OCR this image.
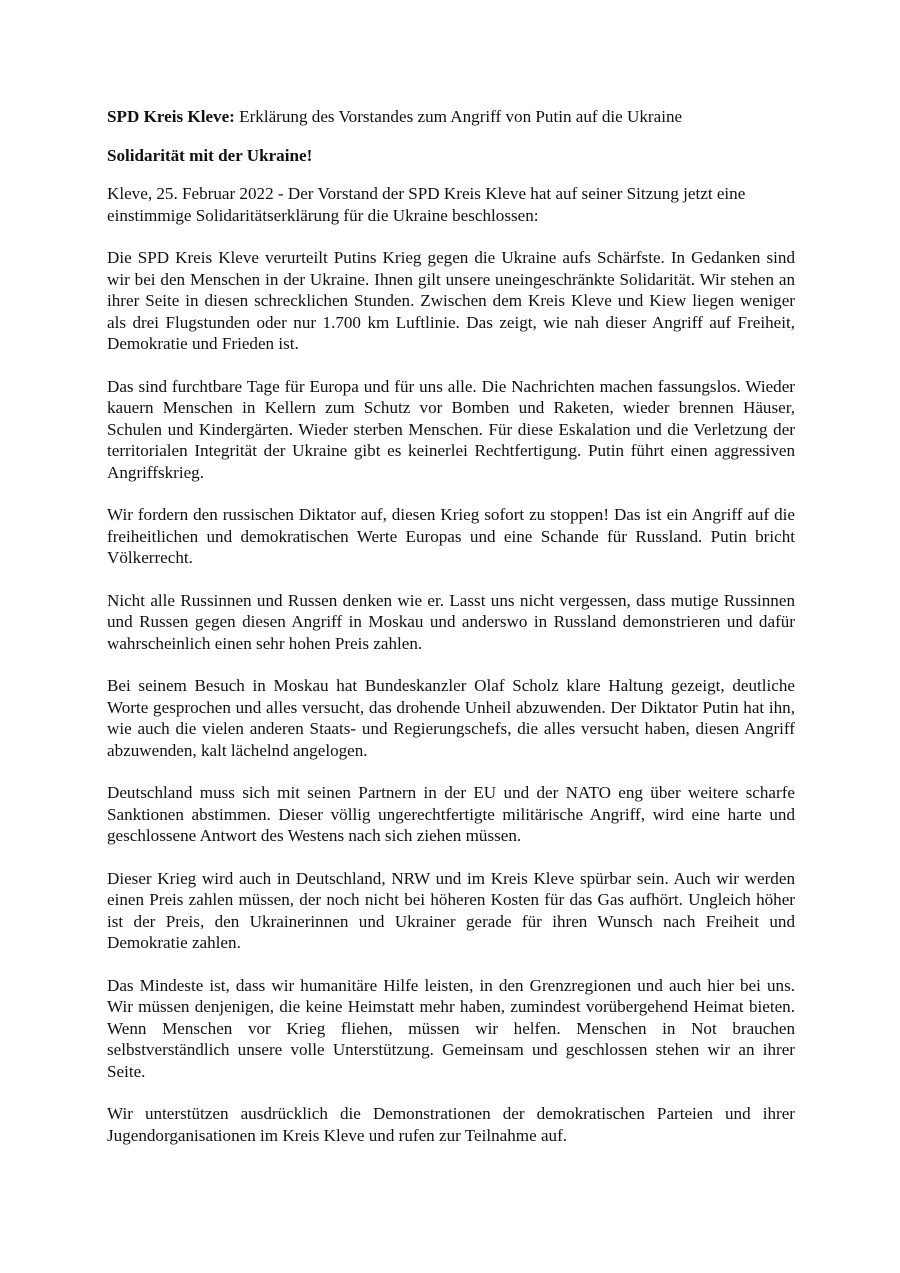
SPD Kreis Kleve: Erklärung des Vorstandes zum Angriff von Putin auf die Ukraine

Solidarität mit der Ukraine!

Kleve, 25. Februar 2022 - Der Vorstand der SPD Kreis Kleve hat auf seiner Sitzung jetzt eine einstimmige Solidaritätserklärung für die Ukraine beschlossen:

Die SPD Kreis Kleve verurteilt Putins Krieg gegen die Ukraine aufs Schärfste. In Gedanken sind wir bei den Menschen in der Ukraine. Ihnen gilt unsere uneingeschränkte Solidarität. Wir stehen an ihrer Seite in diesen schrecklichen Stunden. Zwischen dem Kreis Kleve und Kiew liegen weniger als drei Flugstunden oder nur 1.700 km Luftlinie. Das zeigt, wie nah dieser Angriff auf Freiheit, Demokratie und Frieden ist.

Das sind furchtbare Tage für Europa und für uns alle. Die Nachrichten machen fassungslos. Wieder kauern Menschen in Kellern zum Schutz vor Bomben und Raketen, wieder brennen Häuser, Schulen und Kindergärten. Wieder sterben Menschen. Für diese Eskalation und die Verletzung der territorialen Integrität der Ukraine gibt es keinerlei Rechtfertigung. Putin führt einen aggressiven Angriffskrieg.

Wir fordern den russischen Diktator auf, diesen Krieg sofort zu stoppen! Das ist ein Angriff auf die freiheitlichen und demokratischen Werte Europas und eine Schande für Russland. Putin bricht Völkerrecht.

Nicht alle Russinnen und Russen denken wie er. Lasst uns nicht vergessen, dass mutige Russinnen und Russen gegen diesen Angriff in Moskau und anderswo in Russland demonstrieren und dafür wahrscheinlich einen sehr hohen Preis zahlen.

Bei seinem Besuch in Moskau hat Bundeskanzler Olaf Scholz klare Haltung gezeigt, deutliche Worte gesprochen und alles versucht, das drohende Unheil abzuwenden. Der Diktator Putin hat ihn, wie auch die vielen anderen Staats- und Regierungschefs, die alles versucht haben, diesen Angriff abzuwenden, kalt lächelnd angelogen.

Deutschland muss sich mit seinen Partnern in der EU und der NATO eng über weitere scharfe Sanktionen abstimmen. Dieser völlig ungerechtfertigte militärische Angriff, wird eine harte und geschlossene Antwort des Westens nach sich ziehen müssen.

Dieser Krieg wird auch in Deutschland, NRW und im Kreis Kleve spürbar sein. Auch wir werden einen Preis zahlen müssen, der noch nicht bei höheren Kosten für das Gas aufhört. Ungleich höher ist der Preis, den Ukrainerinnen und Ukrainer gerade für ihren Wunsch nach Freiheit und Demokratie zahlen.

Das Mindeste ist, dass wir humanitäre Hilfe leisten, in den Grenzregionen und auch hier bei uns. Wir müssen denjenigen, die keine Heimstatt mehr haben, zumindest vorübergehend Heimat bieten. Wenn Menschen vor Krieg fliehen, müssen wir helfen. Menschen in Not brauchen selbstverständlich unsere volle Unterstützung. Gemeinsam und geschlossen stehen wir an ihrer Seite.

Wir unterstützen ausdrücklich die Demonstrationen der demokratischen Parteien und ihrer Jugendorganisationen im Kreis Kleve und rufen zur Teilnahme auf.
